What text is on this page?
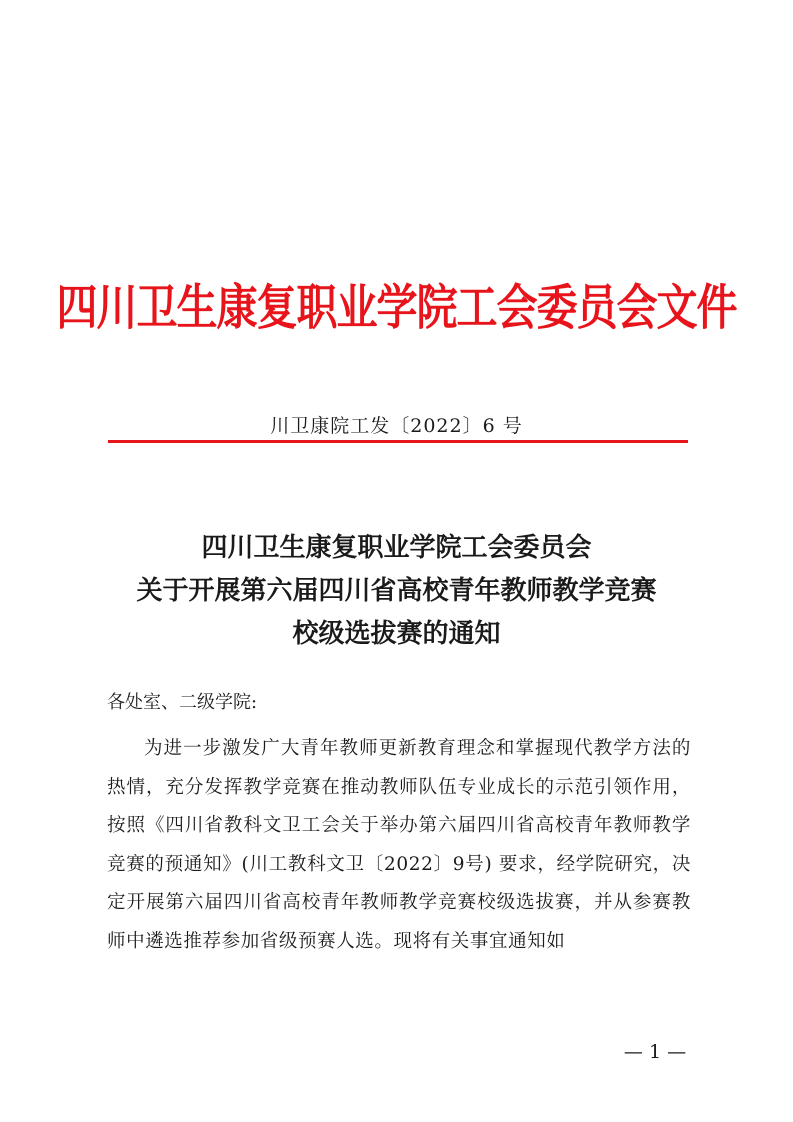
四川卫生康复职业学院工会委员会文件
川卫康院工发〔2022〕6 号
四川卫生康复职业学院工会委员会
关于开展第六届四川省高校青年教师教学竞赛
校级选拔赛的通知
各处室、二级学院:

为进一步激发广大青年教师更新教育理念和掌握现代教学方法的热情，充分发挥教学竞赛在推动教师队伍专业成长的示范引领作用，按照《四川省教科文卫工会关于举办第六届四川省高校青年教师教学竞赛的预通知》(川工教科文卫〔2022〕9号) 要求，经学院研究，决定开展第六届四川省高校青年教师教学竞赛校级选拔赛，并从参赛教师中遴选推荐参加省级预赛人选。现将有关事宜通知如

— 1 —
